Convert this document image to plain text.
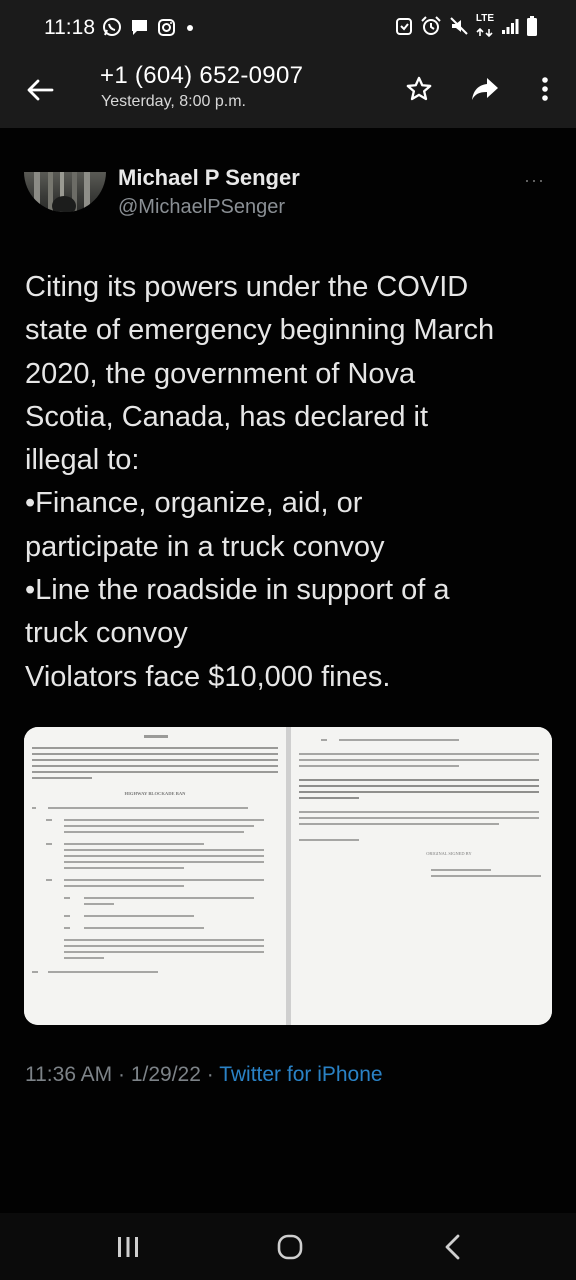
11:18	LTE
+1 (604) 652-0907
Yesterday, 8:00 p.m.
Michael P Senger
@MichaelPSenger
···
Citing its powers under the COVID
state of emergency beginning March
2020, the government of Nova
Scotia, Canada, has declared it
illegal to:
•Finance, organize, aid, or
participate in a truck convoy
•Line the roadside in support of a
truck convoy
Violators face $10,000 fines.
HIGHWAY BLOCKADE BAN
ORIGINAL SIGNED BY
11:36 AM · 1/29/22 · Twitter for iPhone
